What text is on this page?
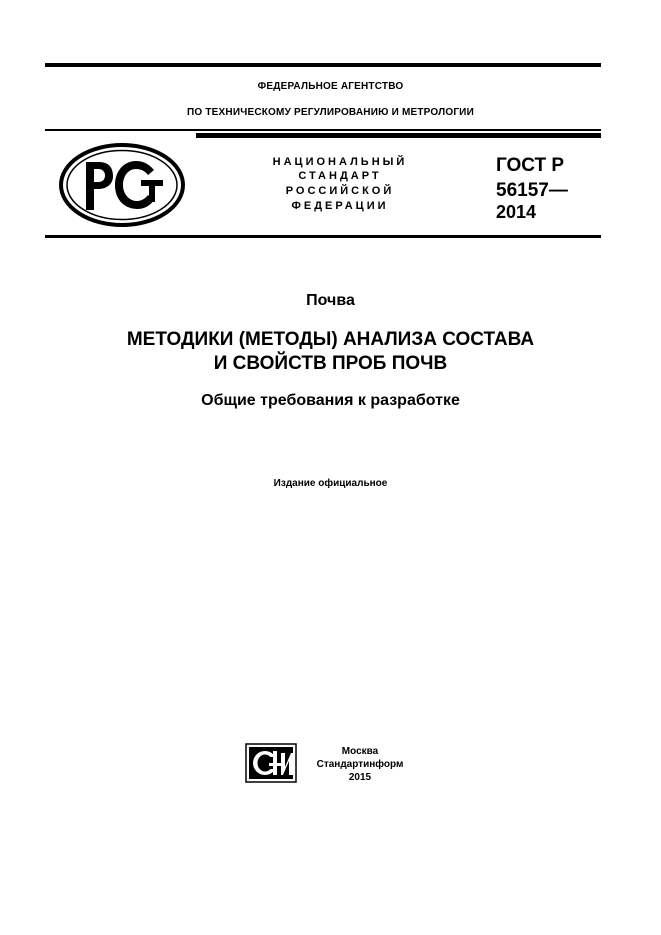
ФЕДЕРАЛЬНОЕ АГЕНТСТВО
ПО ТЕХНИЧЕСКОМУ РЕГУЛИРОВАНИЮ И МЕТРОЛОГИИ
НАЦИОНАЛЬНЫЙ
СТАНДАРТ
РОССИЙСКОЙ
ФЕДЕРАЦИИ
ГОСТ Р
56157—
2014
Почва
МЕТОДИКИ (МЕТОДЫ) АНАЛИЗА СОСТАВА
И СВОЙСТВ ПРОБ ПОЧВ
Общие требования к разработке
Издание официальное
Москва
Стандартинформ
2015
